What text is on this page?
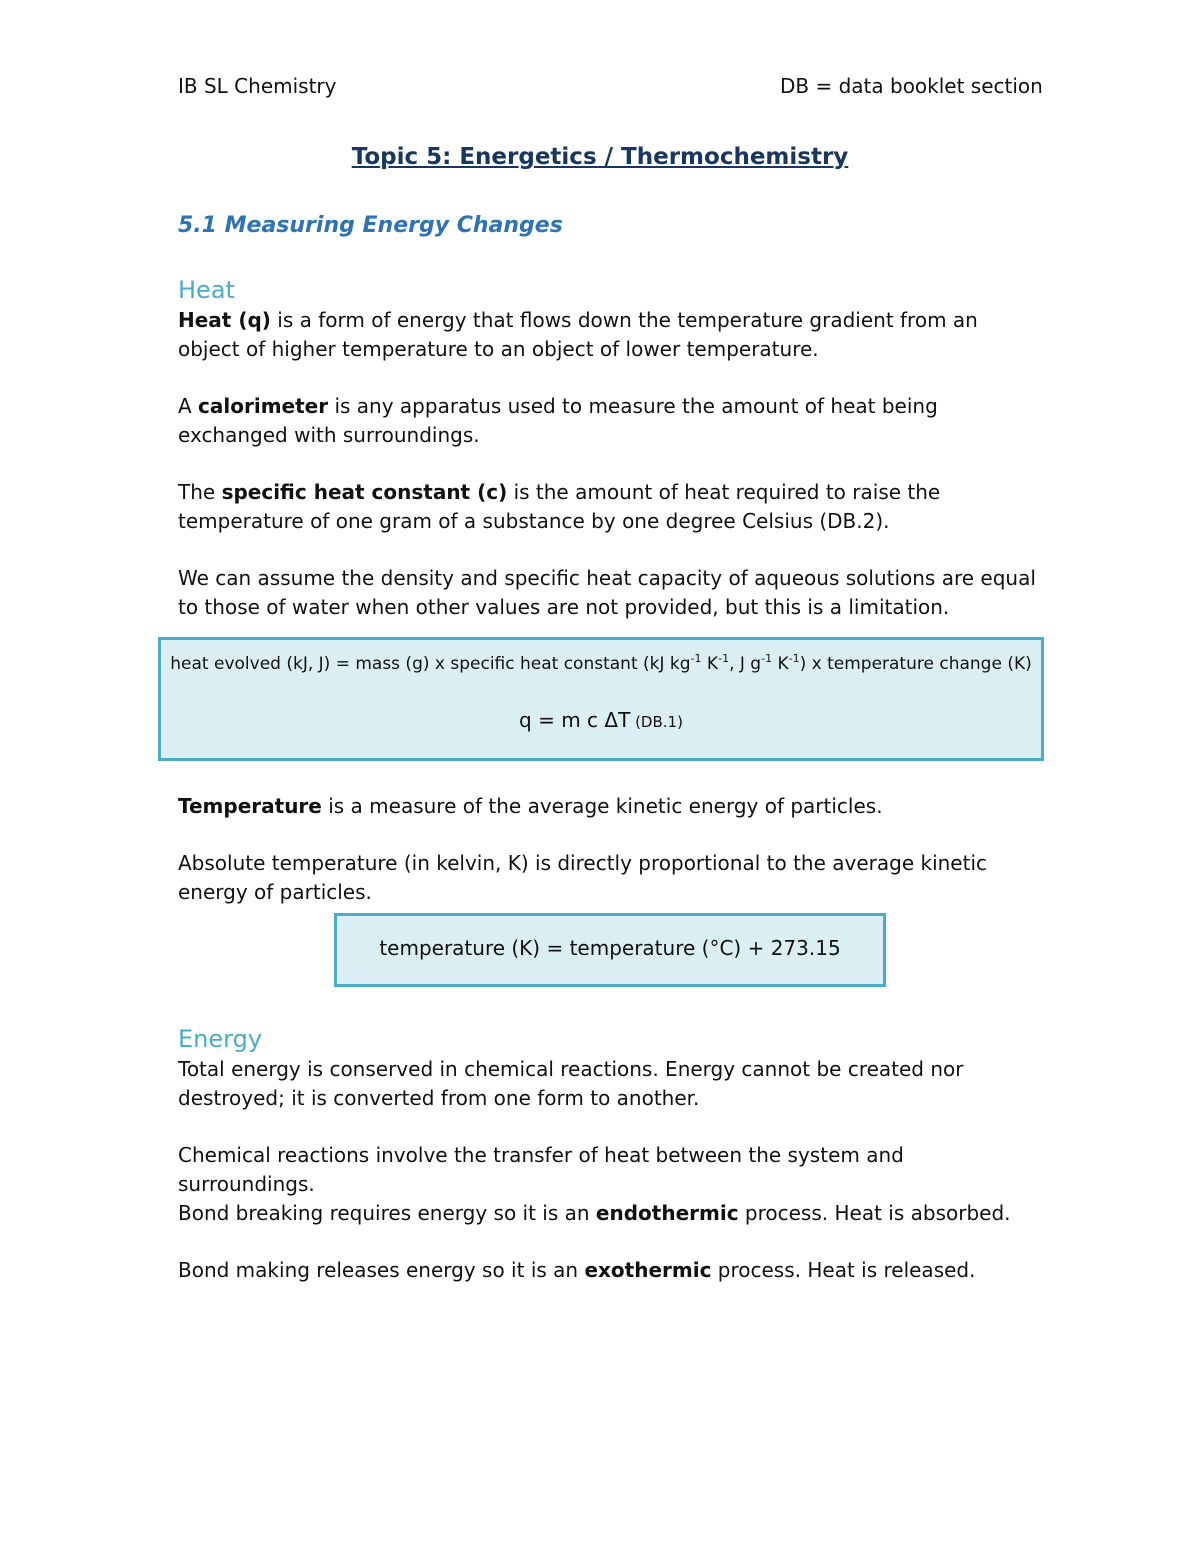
IB SL Chemistry	DB = data booklet section
Topic 5: Energetics / Thermochemistry
5.1 Measuring Energy Changes
Heat
Heat (q) is a form of energy that flows down the temperature gradient from an object of higher temperature to an object of lower temperature.
A calorimeter is any apparatus used to measure the amount of heat being exchanged with surroundings.
The specific heat constant (c) is the amount of heat required to raise the temperature of one gram of a substance by one degree Celsius (DB.2).
We can assume the density and specific heat capacity of aqueous solutions are equal to those of water when other values are not provided, but this is a limitation.
heat evolved (kJ, J) = mass (g) x specific heat constant (kJ $kg^{-1}$ $K^{-1}$, J $g^{-1}$ $K^{-1}$) x temperature change (K)
q = m c ΔT (DB.1)
Temperature is a measure of the average kinetic energy of particles.
Absolute temperature (in kelvin, K) is directly proportional to the average kinetic energy of particles.
temperature (K) = temperature (°C) + 273.15
Energy
Total energy is conserved in chemical reactions. Energy cannot be created nor destroyed; it is converted from one form to another.
Chemical reactions involve the transfer of heat between the system and surroundings.
Bond breaking requires energy so it is an endothermic process. Heat is absorbed.
Bond making releases energy so it is an exothermic process. Heat is released.
